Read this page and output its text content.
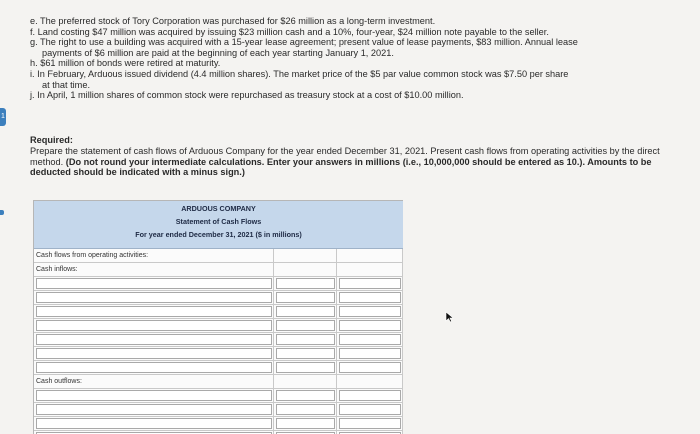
1

e. The preferred stock of Tory Corporation was purchased for $26 million as a long-term investment.

f. Land costing $47 million was acquired by issuing $23 million cash and a 10%, four-year, $24 million note payable to the seller.

g. The right to use a building was acquired with a 15-year lease agreement; present value of lease payments, $83 million. Annual lease
payments of $6 million are paid at the beginning of each year starting January 1, 2021.

h. $61 million of bonds were retired at maturity.

i. In February, Arduous issued dividend (4.4 million shares). The market price of the $5 par value common stock was $7.50 per share
at that time.

j. In April, 1 million shares of common stock were repurchased as treasury stock at a cost of $10.00 million.

Required:
Prepare the statement of cash flows of Arduous Company for the year ended December 31, 2021. Present cash flows from operating activities by the direct method. (Do not round your intermediate calculations. Enter your answers in millions (i.e., 10,000,000 should be entered as 10.). Amounts to be deducted should be indicated with a minus sign.)
ARDUOUS COMPANY
Statement of Cash Flows
For year ended December 31, 2021 ($ in millions)
Cash flows from operating activities:
Cash inflows:
Cash outflows:
